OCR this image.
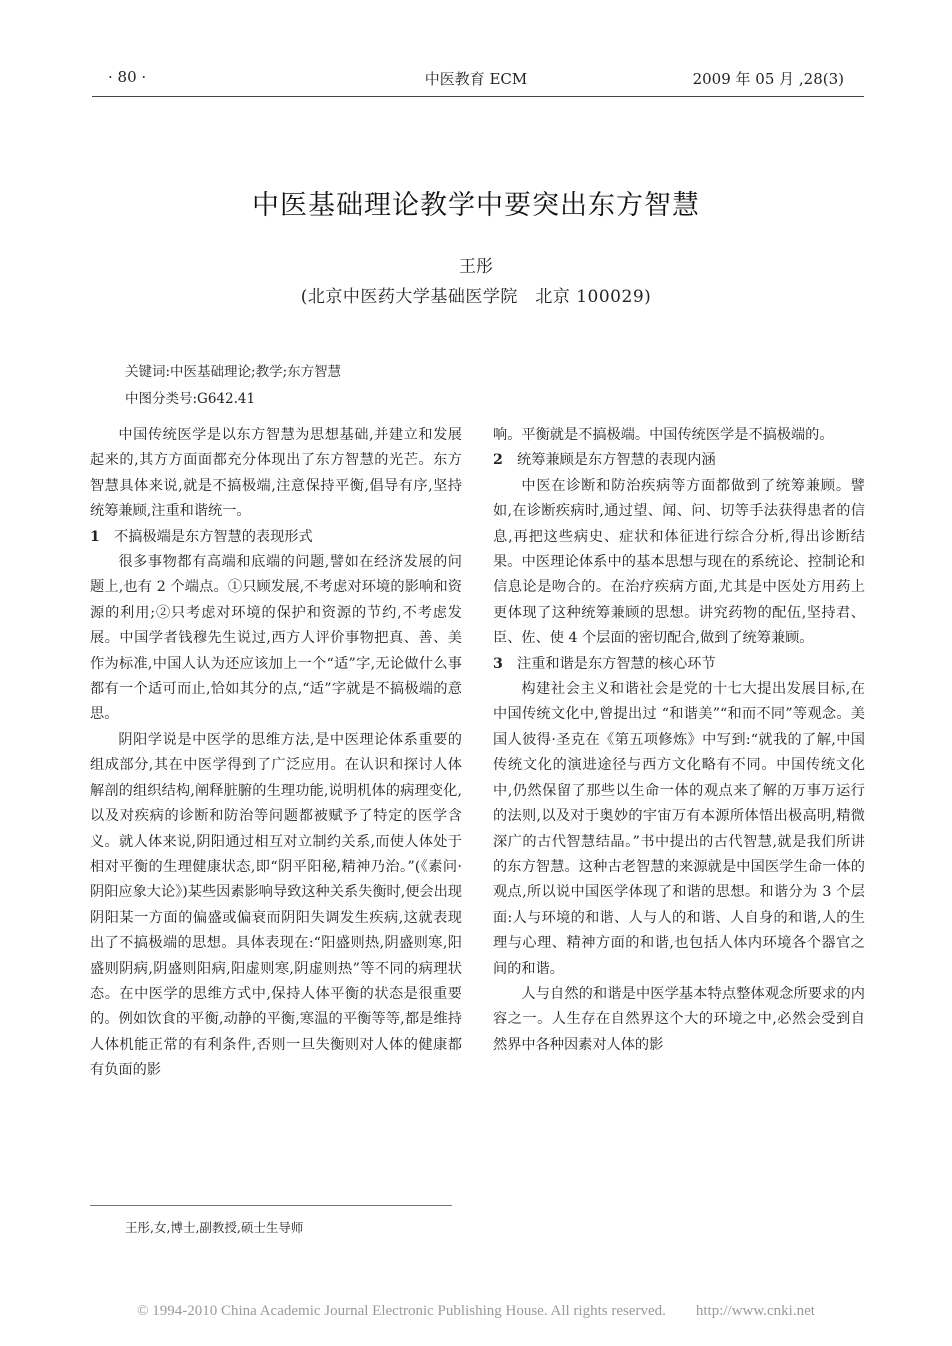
中医教育 ECM
· 80 ·	2009 年 05 月 ,28(3)
中医基础理论教学中要突出东方智慧
王彤
(北京中医药大学基础医学院　北京 100029)
关键词:中医基础理论;教学;东方智慧
中图分类号:G642.41

中国传统医学是以东方智慧为思想基础,并建立和发展起来的,其方方面面都充分体现出了东方智慧的光芒。东方智慧具体来说,就是不搞极端,注意保持平衡,倡导有序,坚持统筹兼顾,注重和谐统一。

1 不搞极端是东方智慧的表现形式

很多事物都有高端和底端的问题,譬如在经济发展的问题上,也有 2 个端点。①只顾发展,不考虑对环境的影响和资源的利用;②只考虑对环境的保护和资源的节约,不考虑发展。中国学者钱穆先生说过,西方人评价事物把真、善、美作为标准,中国人认为还应该加上一个“适”字,无论做什么事都有一个适可而止,恰如其分的点,“适”字就是不搞极端的意思。

阴阳学说是中医学的思维方法,是中医理论体系重要的组成部分,其在中医学得到了广泛应用。在认识和探讨人体解剖的组织结构,阐释脏腑的生理功能,说明机体的病理变化,以及对疾病的诊断和防治等问题都被赋予了特定的医学含义。就人体来说,阴阳通过相互对立制约关系,而使人体处于相对平衡的生理健康状态,即“阴平阳秘,精神乃治。”(《素问·阴阳应象大论》)某些因素影响导致这种关系失衡时,便会出现阴阳某一方面的偏盛或偏衰而阴阳失调发生疾病,这就表现出了不搞极端的思想。具体表现在:“阳盛则热,阴盛则寒,阳盛则阴病,阴盛则阳病,阳虚则寒,阴虚则热”等不同的病理状态。在中医学的思维方式中,保持人体平衡的状态是很重要的。例如饮食的平衡,动静的平衡,寒温的平衡等等,都是维持人体机能正常的有利条件,否则一旦失衡则对人体的健康都有负面的影

响。平衡就是不搞极端。中国传统医学是不搞极端的。

2 统筹兼顾是东方智慧的表现内涵

中医在诊断和防治疾病等方面都做到了统筹兼顾。譬如,在诊断疾病时,通过望、闻、问、切等手法获得患者的信息,再把这些病史、症状和体征进行综合分析,得出诊断结果。中医理论体系中的基本思想与现在的系统论、控制论和信息论是吻合的。在治疗疾病方面,尤其是中医处方用药上更体现了这种统筹兼顾的思想。讲究药物的配伍,坚持君、臣、佐、使 4 个层面的密切配合,做到了统筹兼顾。

3 注重和谐是东方智慧的核心环节

构建社会主义和谐社会是党的十七大提出发展目标,在中国传统文化中,曾提出过 “和谐美”“和而不同”等观念。美国人彼得·圣克在《第五项修炼》中写到:“就我的了解,中国传统文化的演进途径与西方文化略有不同。中国传统文化中,仍然保留了那些以生命一体的观点来了解的万事万运行的法则,以及对于奥妙的宇宙万有本源所体悟出极高明,精微深广的古代智慧结晶。”书中提出的古代智慧,就是我们所讲的东方智慧。这种古老智慧的来源就是中国医学生命一体的观点,所以说中国医学体现了和谐的思想。和谐分为 3 个层面:人与环境的和谐、人与人的和谐、人自身的和谐,人的生理与心理、精神方面的和谐,也包括人体内环境各个器官之间的和谐。

人与自然的和谐是中医学基本特点整体观念所要求的内容之一。人生存在自然界这个大的环境之中,必然会受到自然界中各种因素对人体的影

王彤,女,博士,副教授,硕士生导师
© 1994-2010 China Academic Journal Electronic Publishing House. All rights reserved.　　http://www.cnki.net
